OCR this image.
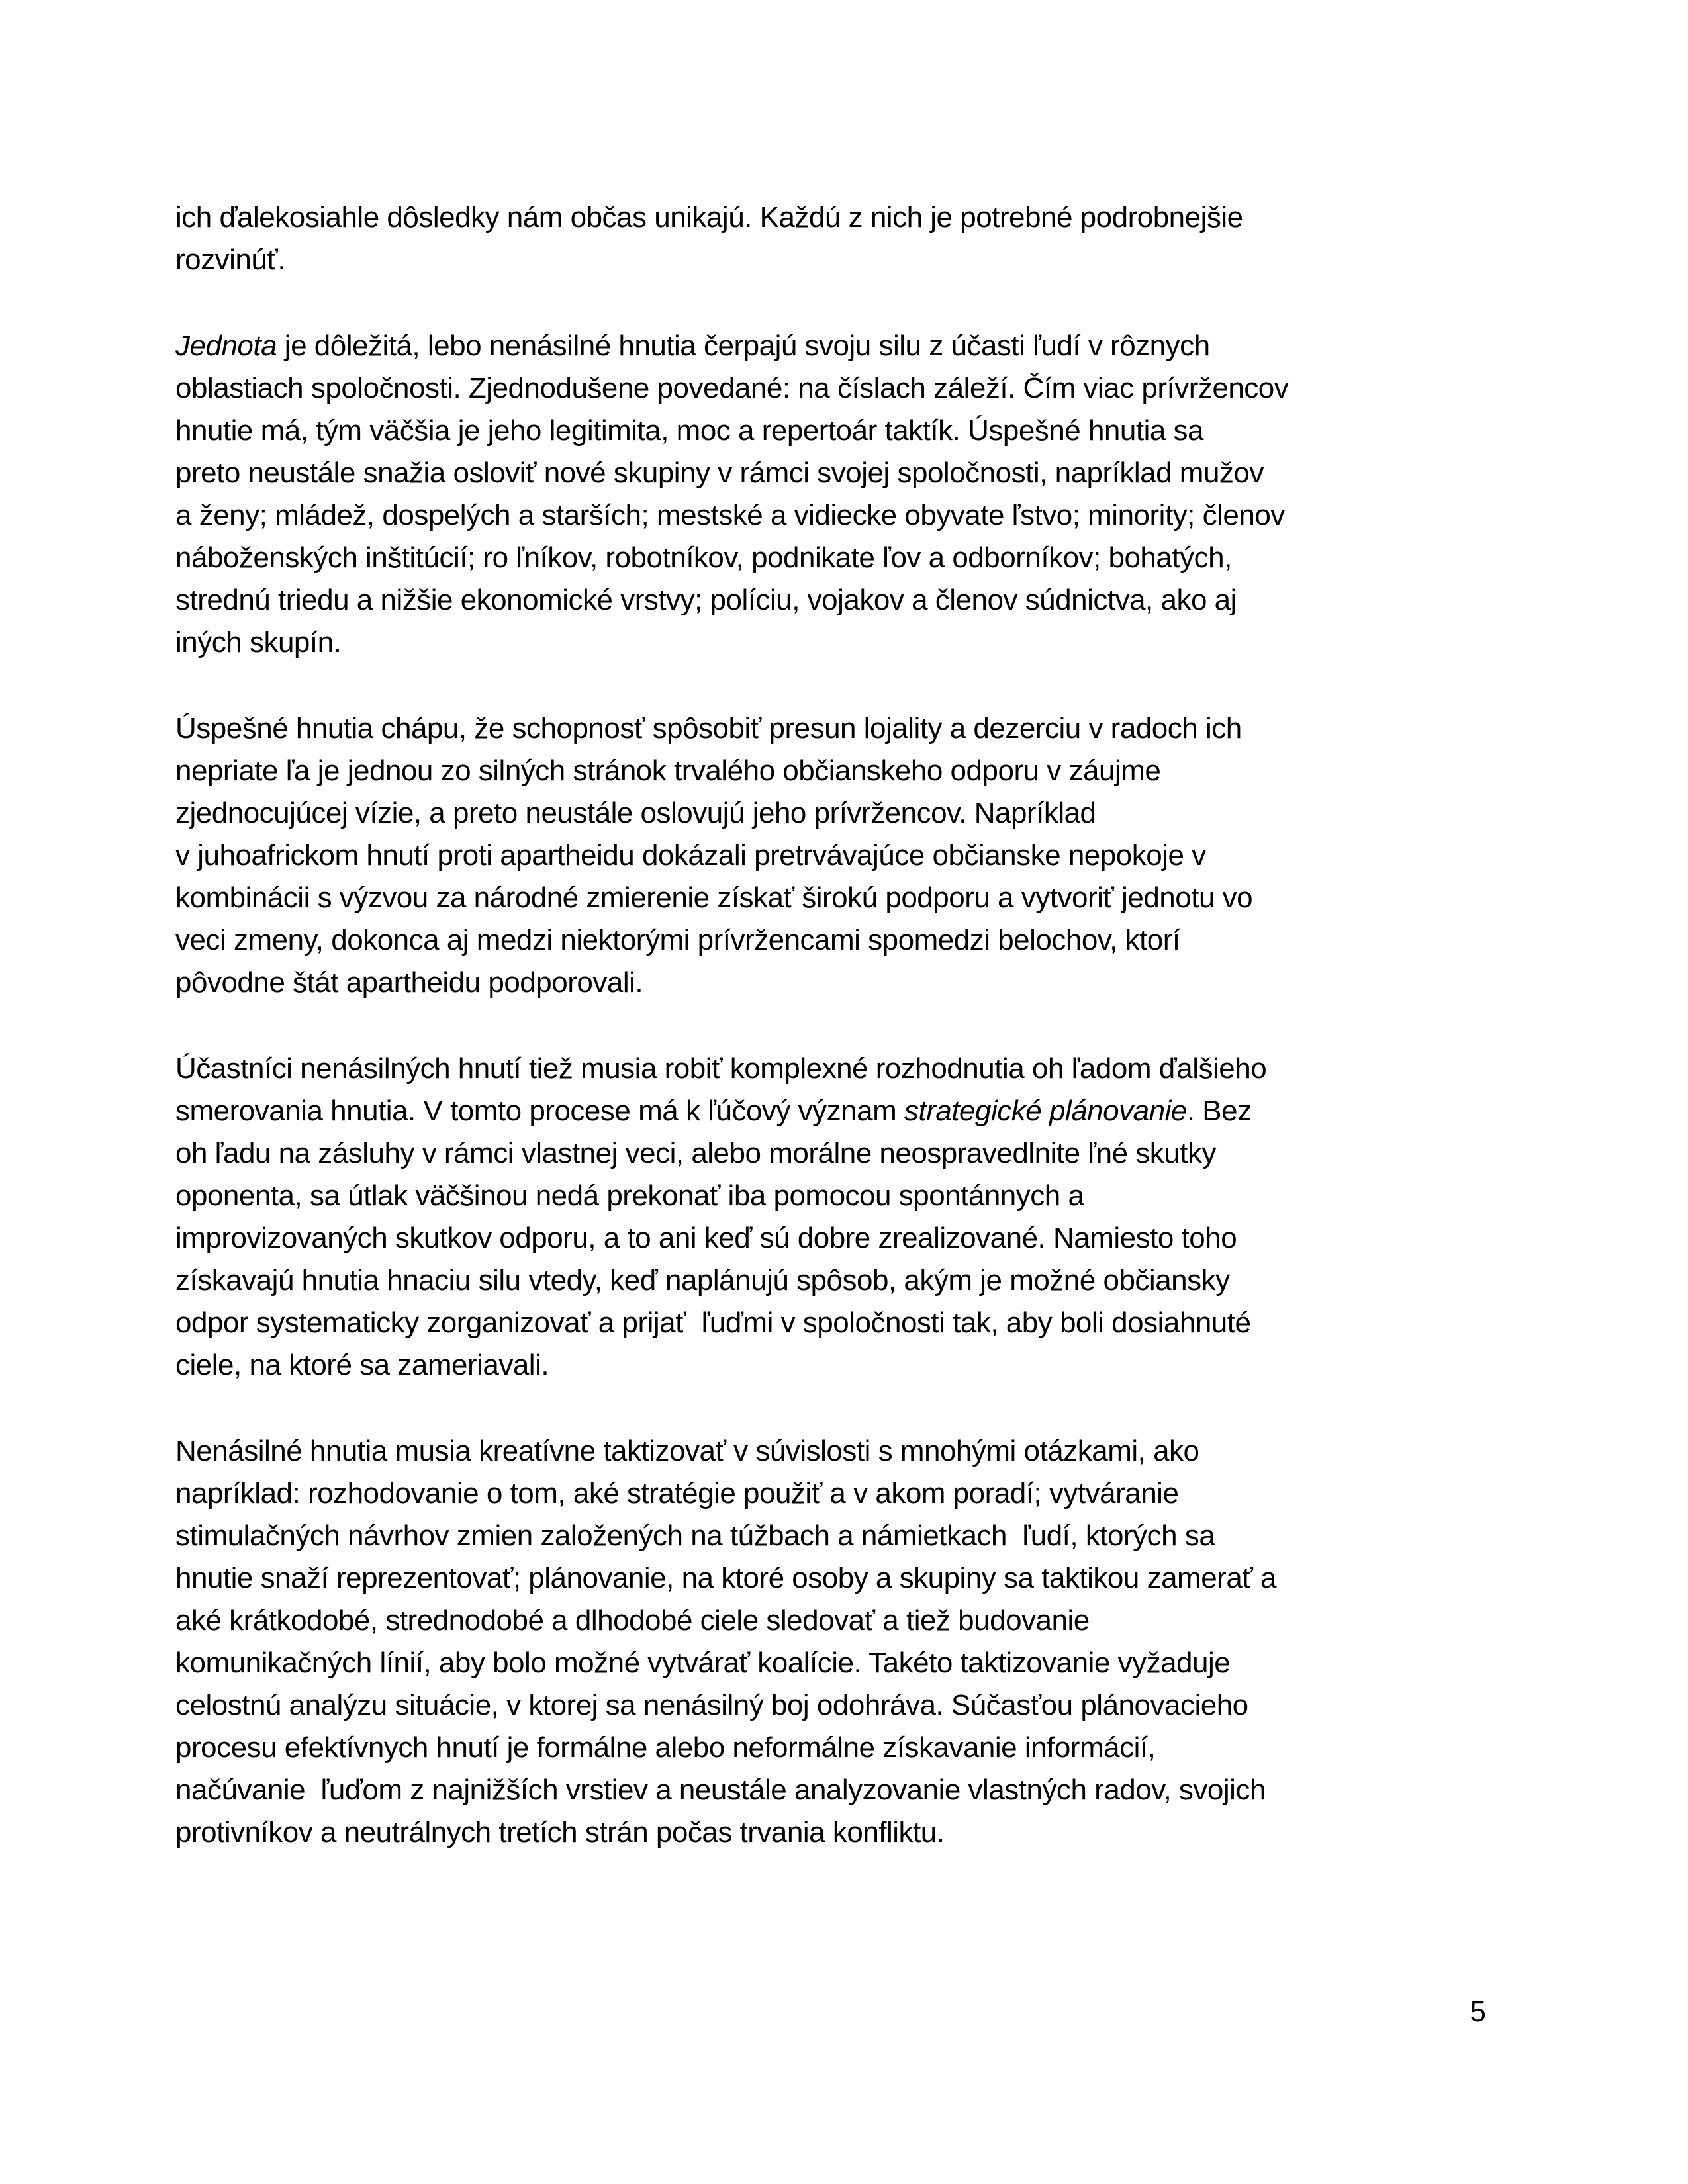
ich ďalekosiahle dôsledky nám občas unikajú. Každú z nich je potrebné podrobnejšie
rozvinúť.
Jednota je dôležitá, lebo nenásilné hnutia čerpajú svoju silu z účasti ľudí v rôznych
oblastiach spoločnosti. Zjednodušene povedané: na číslach záleží. Čím viac prívržencov
hnutie má, tým väčšia je jeho legitimita, moc a repertoár taktík. Úspešné hnutia sa
preto neustále snažia osloviť nové skupiny v rámci svojej spoločnosti, napríklad mužov
a ženy; mládež, dospelých a starších; mestské a vidiecke obyvate ľstvo; minority; členov
náboženských inštitúcií; ro ľníkov, robotníkov, podnikate ľov a odborníkov; bohatých,
strednú triedu a nižšie ekonomické vrstvy; políciu, vojakov a členov súdnictva, ako aj
iných skupín.
Úspešné hnutia chápu, že schopnosť spôsobiť presun lojality a dezerciu v radoch ich
nepriate ľa je jednou zo silných stránok trvalého občianskeho odporu v záujme
zjednocujúcej vízie, a preto neustále oslovujú jeho prívržencov. Napríklad
v juhoafrickom hnutí proti apartheidu dokázali pretrvávajúce občianske nepokoje v
kombinácii s výzvou za národné zmierenie získať širokú podporu a vytvoriť jednotu vo
veci zmeny, dokonca aj medzi niektorými prívržencami spomedzi belochov, ktorí
pôvodne štát apartheidu podporovali.
Účastníci nenásilných hnutí tiež musia robiť komplexné rozhodnutia oh ľadom ďalšieho
smerovania hnutia. V tomto procese má k ľúčový význam strategické plánovanie. Bez
oh ľadu na zásluhy v rámci vlastnej veci, alebo morálne neospravedlnite ľné skutky
oponenta, sa útlak väčšinou nedá prekonať iba pomocou spontánnych a
improvizovaných skutkov odporu, a to ani keď sú dobre zrealizované. Namiesto toho
získavajú hnutia hnaciu silu vtedy, keď naplánujú spôsob, akým je možné občiansky
odpor systematicky zorganizovať a prijať  ľuďmi v spoločnosti tak, aby boli dosiahnuté
ciele, na ktoré sa zameriavali.
Nenásilné hnutia musia kreatívne taktizovať v súvislosti s mnohými otázkami, ako
napríklad: rozhodovanie o tom, aké stratégie použiť a v akom poradí; vytváranie
stimulačných návrhov zmien založených na túžbach a námietkach  ľudí, ktorých sa
hnutie snaží reprezentovať; plánovanie, na ktoré osoby a skupiny sa taktikou zamerať a
aké krátkodobé, strednodobé a dlhodobé ciele sledovať a tiež budovanie
komunikačných línií, aby bolo možné vytvárať koalície. Takéto taktizovanie vyžaduje
celostnú analýzu situácie, v ktorej sa nenásilný boj odohráva. Súčasťou plánovacieho
procesu efektívnych hnutí je formálne alebo neformálne získavanie informácií,
načúvanie  ľuďom z najnižších vrstiev a neustále analyzovanie vlastných radov, svojich
protivníkov a neutrálnych tretích strán počas trvania konfliktu.
5
